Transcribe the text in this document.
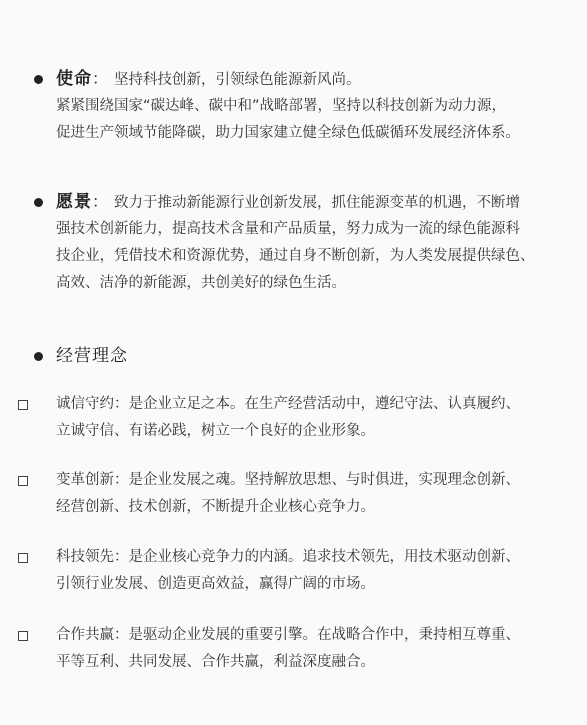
使命： 坚持科技创新，引领绿色能源新风尚。
紧紧围绕国家“碳达峰、碳中和”战略部署，坚持以科技创新为动力源，
促进生产领域节能降碳，助力国家建立健全绿色低碳循环发展经济体系。
愿景： 致力于推动新能源行业创新发展，抓住能源变革的机遇，不断增
强技术创新能力，提高技术含量和产品质量，努力成为一流的绿色能源科
技企业，凭借技术和资源优势，通过自身不断创新，为人类发展提供绿色、
高效、洁净的新能源，共创美好的绿色生活。
经营理念
诚信守约：是企业立足之本。在生产经营活动中，遵纪守法、认真履约、
立诚守信、有诺必践，树立一个良好的企业形象。
变革创新：是企业发展之魂。坚持解放思想、与时俱进，实现理念创新、
经营创新、技术创新，不断提升企业核心竞争力。
科技领先：是企业核心竞争力的内涵。追求技术领先，用技术驱动创新、
引领行业发展、创造更高效益，赢得广阔的市场。
合作共赢：是驱动企业发展的重要引擎。在战略合作中，秉持相互尊重、
平等互利、共同发展、合作共赢，利益深度融合。
